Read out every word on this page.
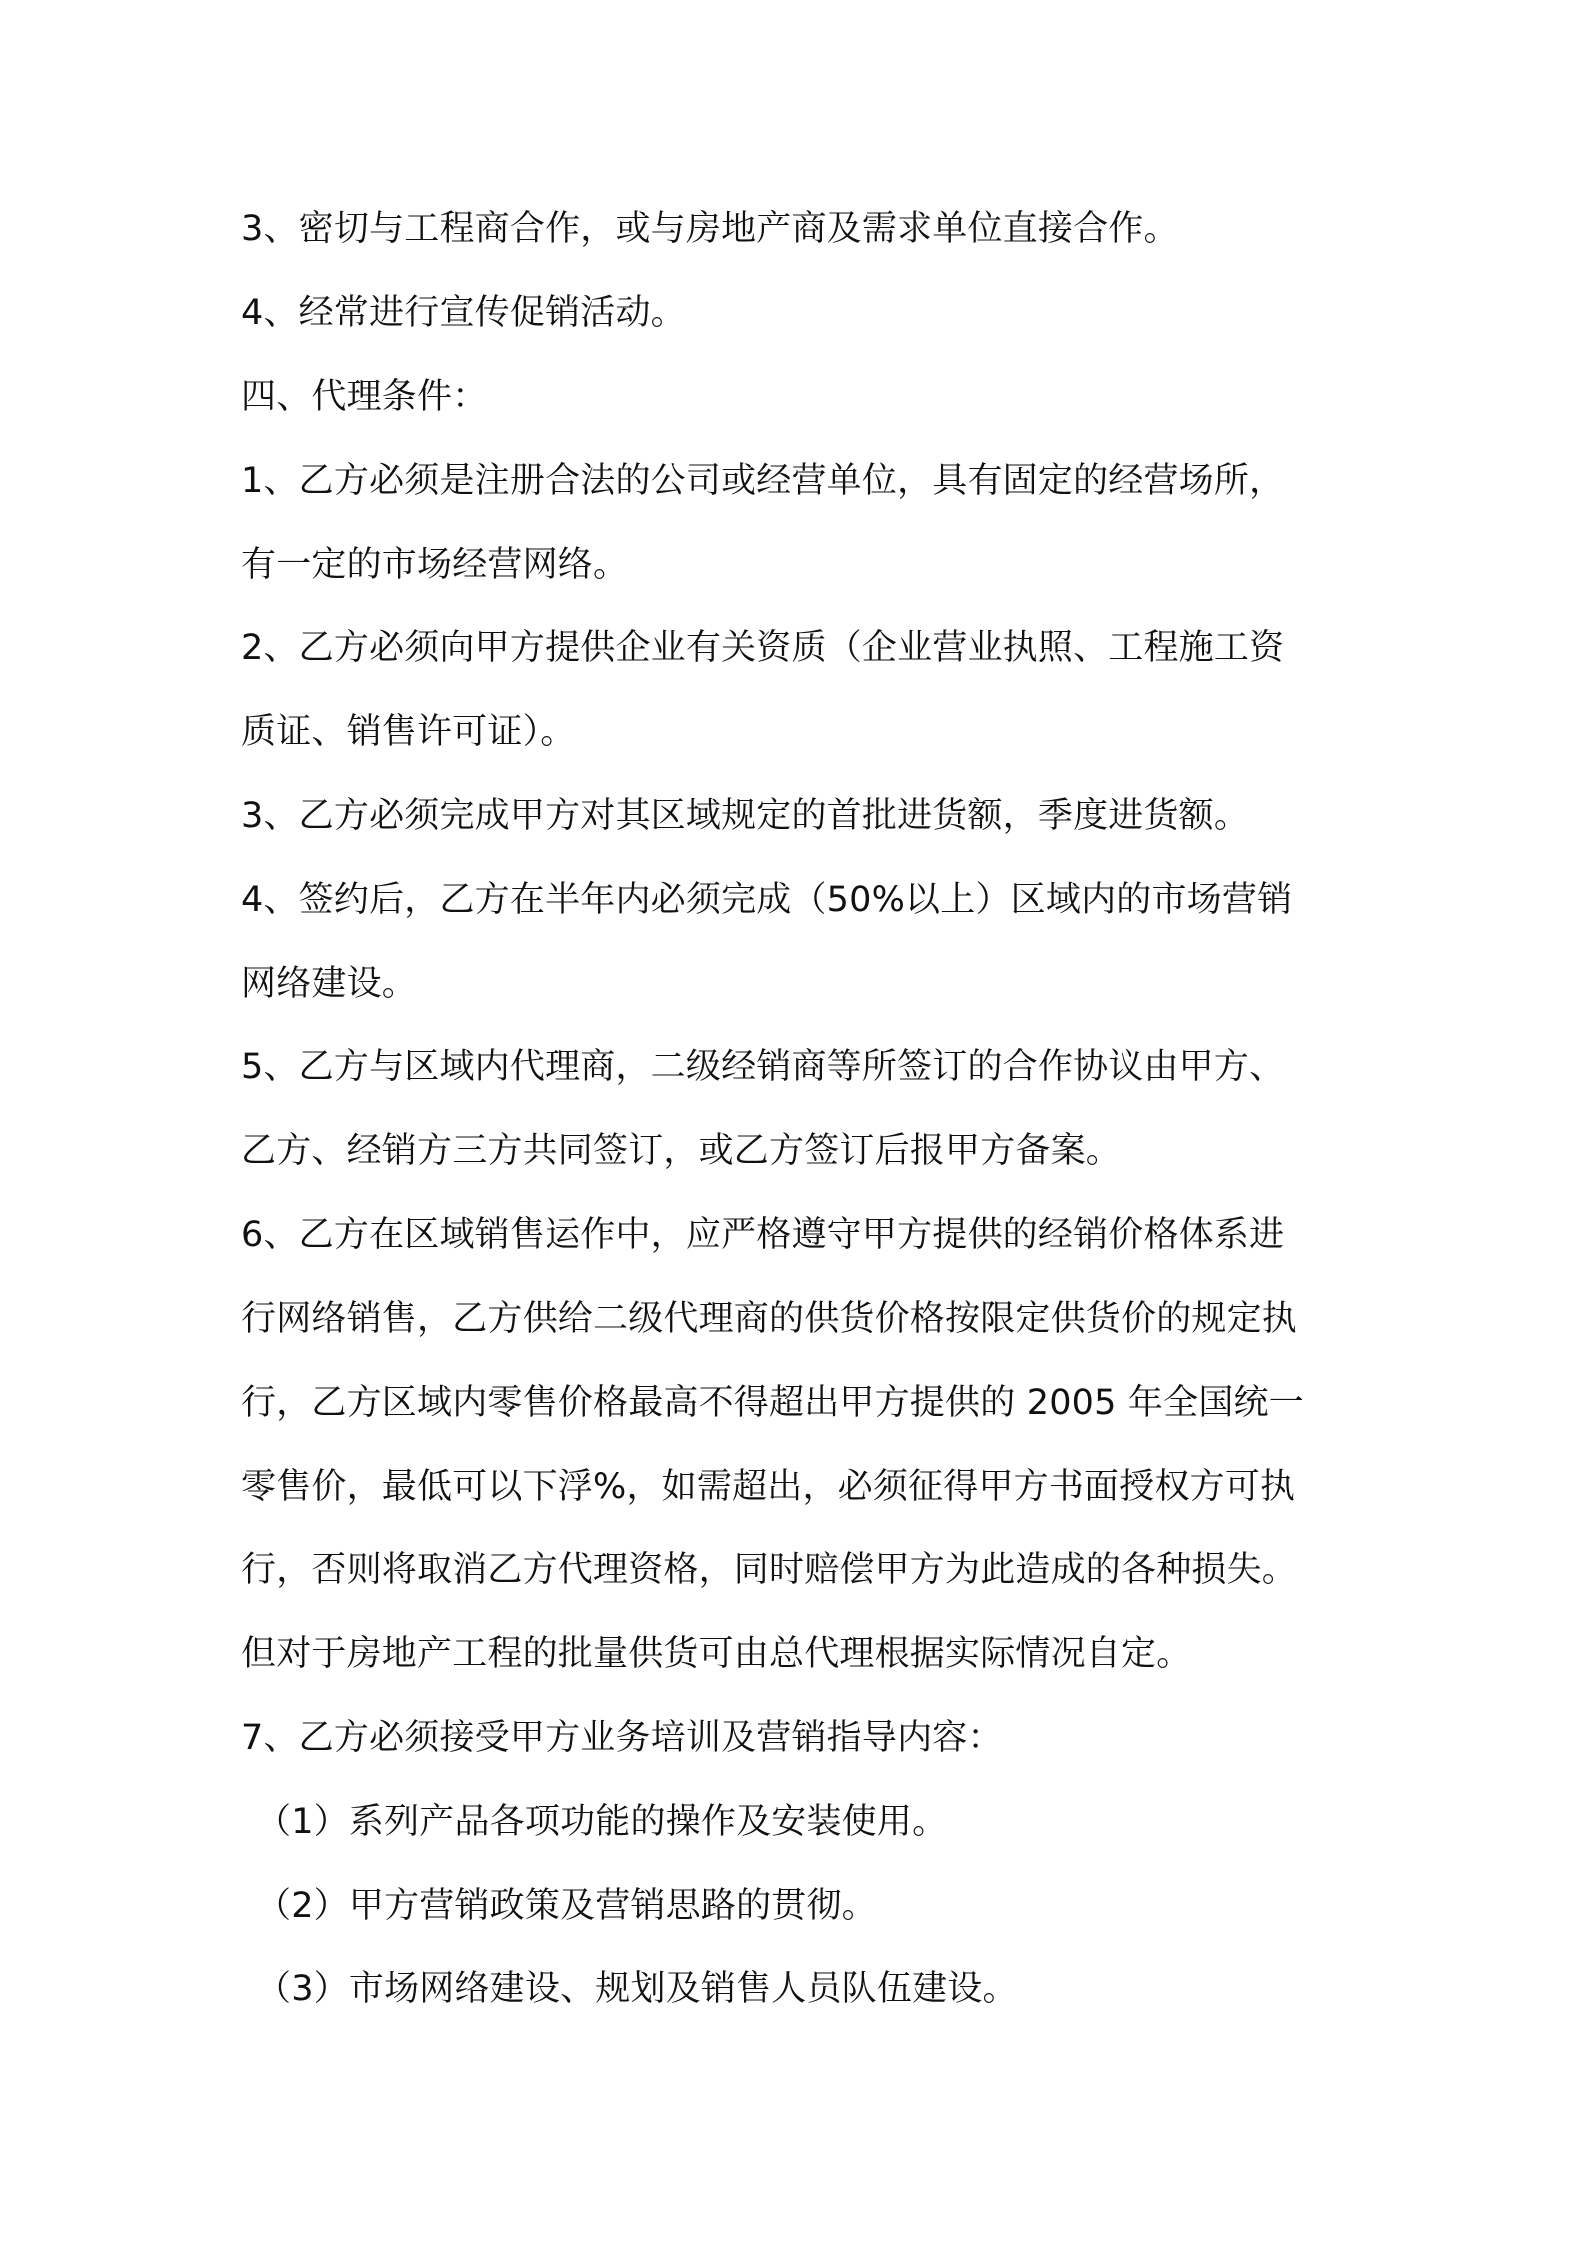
3、密切与工程商合作，或与房地产商及需求单位直接合作。
4、经常进行宣传促销活动。
四、代理条件：
1、乙方必须是注册合法的公司或经营单位，具有固定的经营场所，
有一定的市场经营网络。
2、乙方必须向甲方提供企业有关资质（企业营业执照、工程施工资
质证、销售许可证）。
3、乙方必须完成甲方对其区域规定的首批进货额，季度进货额。
4、签约后，乙方在半年内必须完成（50%以上）区域内的市场营销
网络建设。
5、乙方与区域内代理商，二级经销商等所签订的合作协议由甲方、
乙方、经销方三方共同签订，或乙方签订后报甲方备案。
6、乙方在区域销售运作中，应严格遵守甲方提供的经销价格体系进
行网络销售，乙方供给二级代理商的供货价格按限定供货价的规定执
行，乙方区域内零售价格最高不得超出甲方提供的 2005 年全国统一
零售价，最低可以下浮%，如需超出，必须征得甲方书面授权方可执
行，否则将取消乙方代理资格，同时赔偿甲方为此造成的各种损失。
但对于房地产工程的批量供货可由总代理根据实际情况自定。
7、乙方必须接受甲方业务培训及营销指导内容：
（1）系列产品各项功能的操作及安装使用。
（2）甲方营销政策及营销思路的贯彻。
（3）市场网络建设、规划及销售人员队伍建设。
